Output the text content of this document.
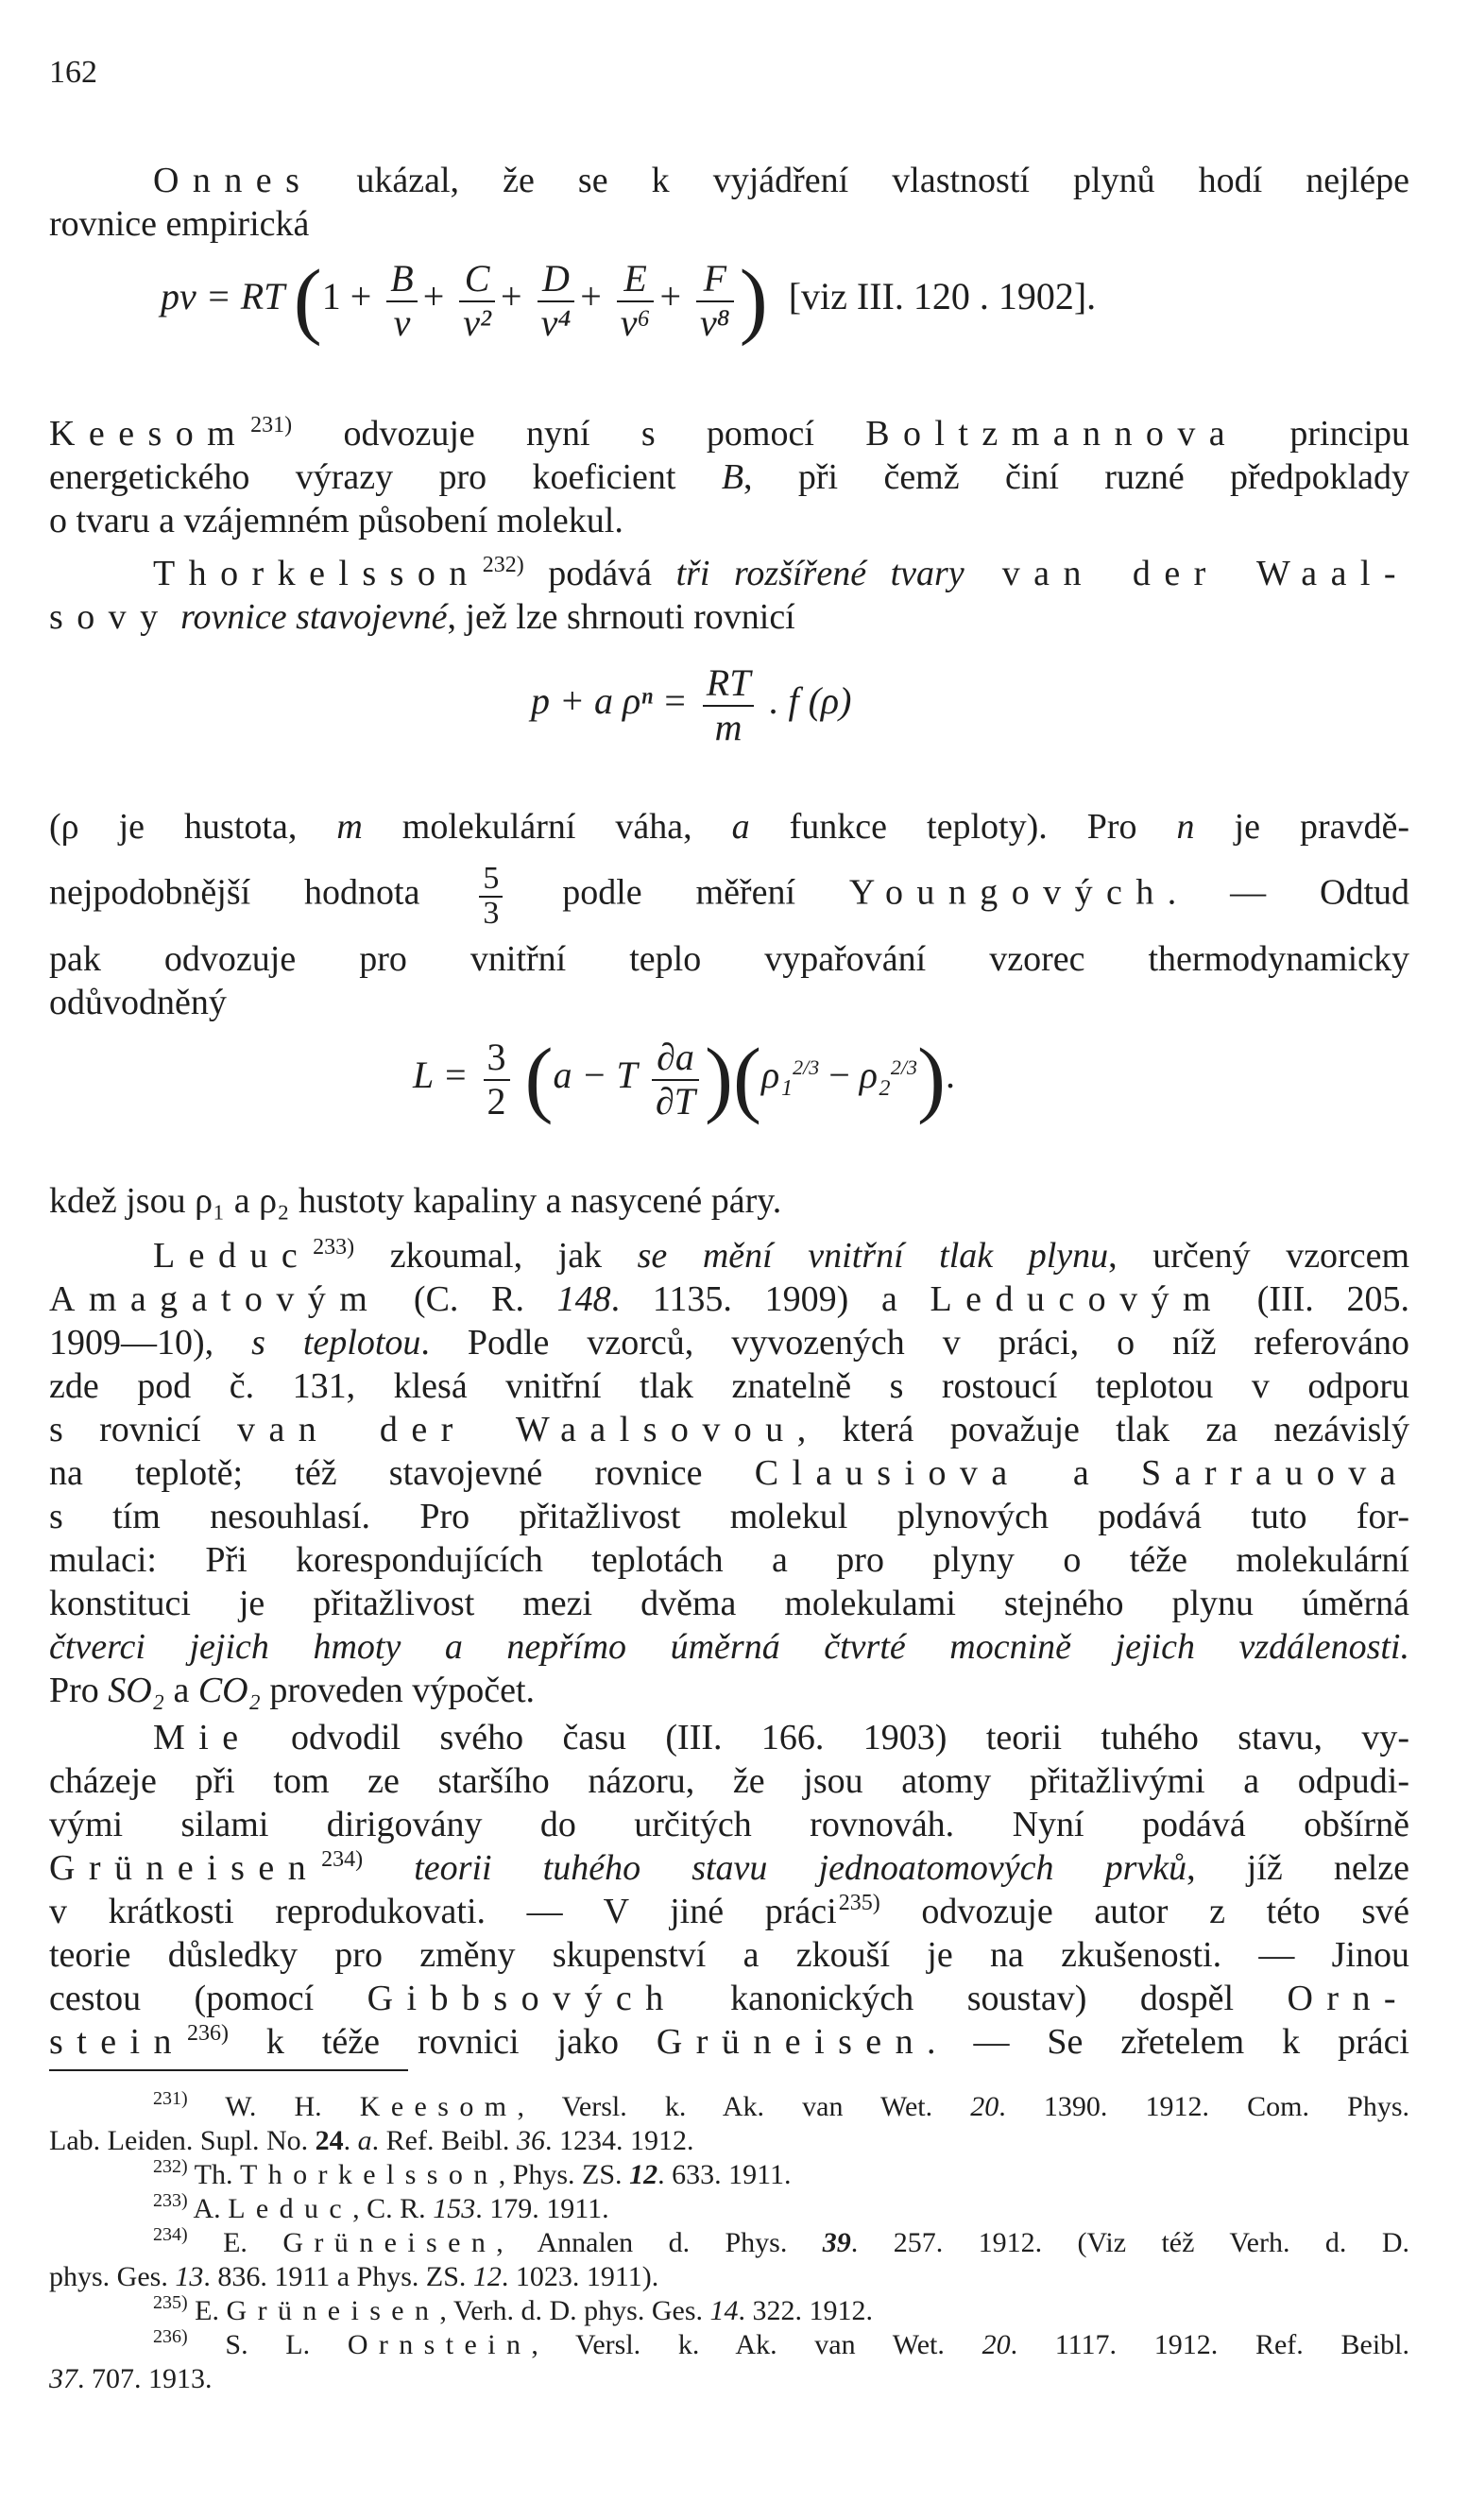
162
Onnes ukázal, že se k vyjádření vlastností plynů hodí nejlépe
rovnice empirická
pv = RT ($1 + \frac{B}{v} + \frac{C}{\text{v²}} + \frac{D}{\text{v⁴}} + \frac{E}{\text{v⁶}} + \frac{F}{\text{v⁸}}$ ) [viz III. 120 . 1902].
Keesom$^{231)}$ odvozuje nyní s pomocí Boltzmannova principu
energetického výrazy pro koeficient B, při čemž činí ruzné předpoklady
o tvaru a vzájemném působení molekul.
Thorkelsson$^{232)}$ podává tři rozšířené tvary van der Waal-
sovy rovnice stavojevné, jež lze shrnouti rovnicí
p + a $\rho^n = \frac{RT}{m}$ . f (ρ)
(ρ je hustota, m molekulární váha, a funkce teploty). Pro n je pravdě-
nejpodobnější hodnota $\frac{5}{3}$ podle měření Youngových. — Odtud
pak odvozuje pro vnitřní teplo vypařování vzorec thermodynamicky
odůvodněný
$L = \frac{3}{2} (a - T \frac{\partial a}{\partial T} )(\rho_1^{2/3} - \rho_2^{2/3})$.
kdež jsou ρ₁ a ρ₂ hustoty kapaliny a nasycené páry.
Leduc$^{233)}$ zkoumal, jak se mění vnitřní tlak plynu, určený vzorcem
Amagatovým (C. R. 148. 1135. 1909) a Leducovým (III. 205.
1909—10), s teplotou. Podle vzorců, vyvozených v práci, o níž referováno
zde pod č. 131, klesá vnitřní tlak znatelně s rostoucí teplotou v odporu
s rovnicí van der Waalsovou, která považuje tlak za nezávislý
na teplotě; též stavojevné rovnice Clausiova a Sarrauova
s tím nesouhlasí. Pro přitažlivost molekul plynových podává tuto for-
mulaci: Při korespondujících teplotách a pro plyny o téže molekulární
konstituci je přitažlivost mezi dvěma molekulami stejného plynu úměrná
čtverci jejich hmoty a nepřímo úměrná čtvrté mocnině jejich vzdálenosti.
Pro SO₂ a CO₂ proveden výpočet.
Mie odvodil svého času (III. 166. 1903) teorii tuhého stavu, vy-
cházeje při tom ze staršího názoru, že jsou atomy přitažlivými a odpudi-
vými silami dirigovány do určitých rovnováh. Nyní podává obšírně
Grüneisen$^{234)}$ teorii tuhého stavu jednoatomových prvků, jíž nelze
v krátkosti reprodukovati. — V jiné práci$^{235)}$ odvozuje autor z této své
teorie důsledky pro změny skupenství a zkouší je na zkušenosti. — Jinou
cestou (pomocí Gibbsových kanonických soustav) dospěl Orn-
stein$^{236)}$ k téže rovnici jako Grüneisen. — Se zřetelem k práci
$^{231)}$ W. H. Keesom, Versl. k. Ak. van Wet. 20. 1390. 1912. Com. Phys.
Lab. Leiden. Supl. No. 24. a. Ref. Beibl. 36. 1234. 1912.
$^{232)}$ Th. Thorkelsson, Phys. ZS. 12. 633. 1911.
$^{233)}$ A. Leduc, C. R. 153. 179. 1911.
$^{234)}$ E. Grüneisen, Annalen d. Phys. 39. 257. 1912. (Viz též Verh. d. D.
phys. Ges. 13. 836. 1911 a Phys. ZS. 12. 1023. 1911).
$^{235)}$ E. Grüneisen, Verh. d. D. phys. Ges. 14. 322. 1912.
$^{236)}$ S. L. Ornstein, Versl. k. Ak. van Wet. 20. 1117. 1912. Ref. Beibl.
37. 707. 1913.
